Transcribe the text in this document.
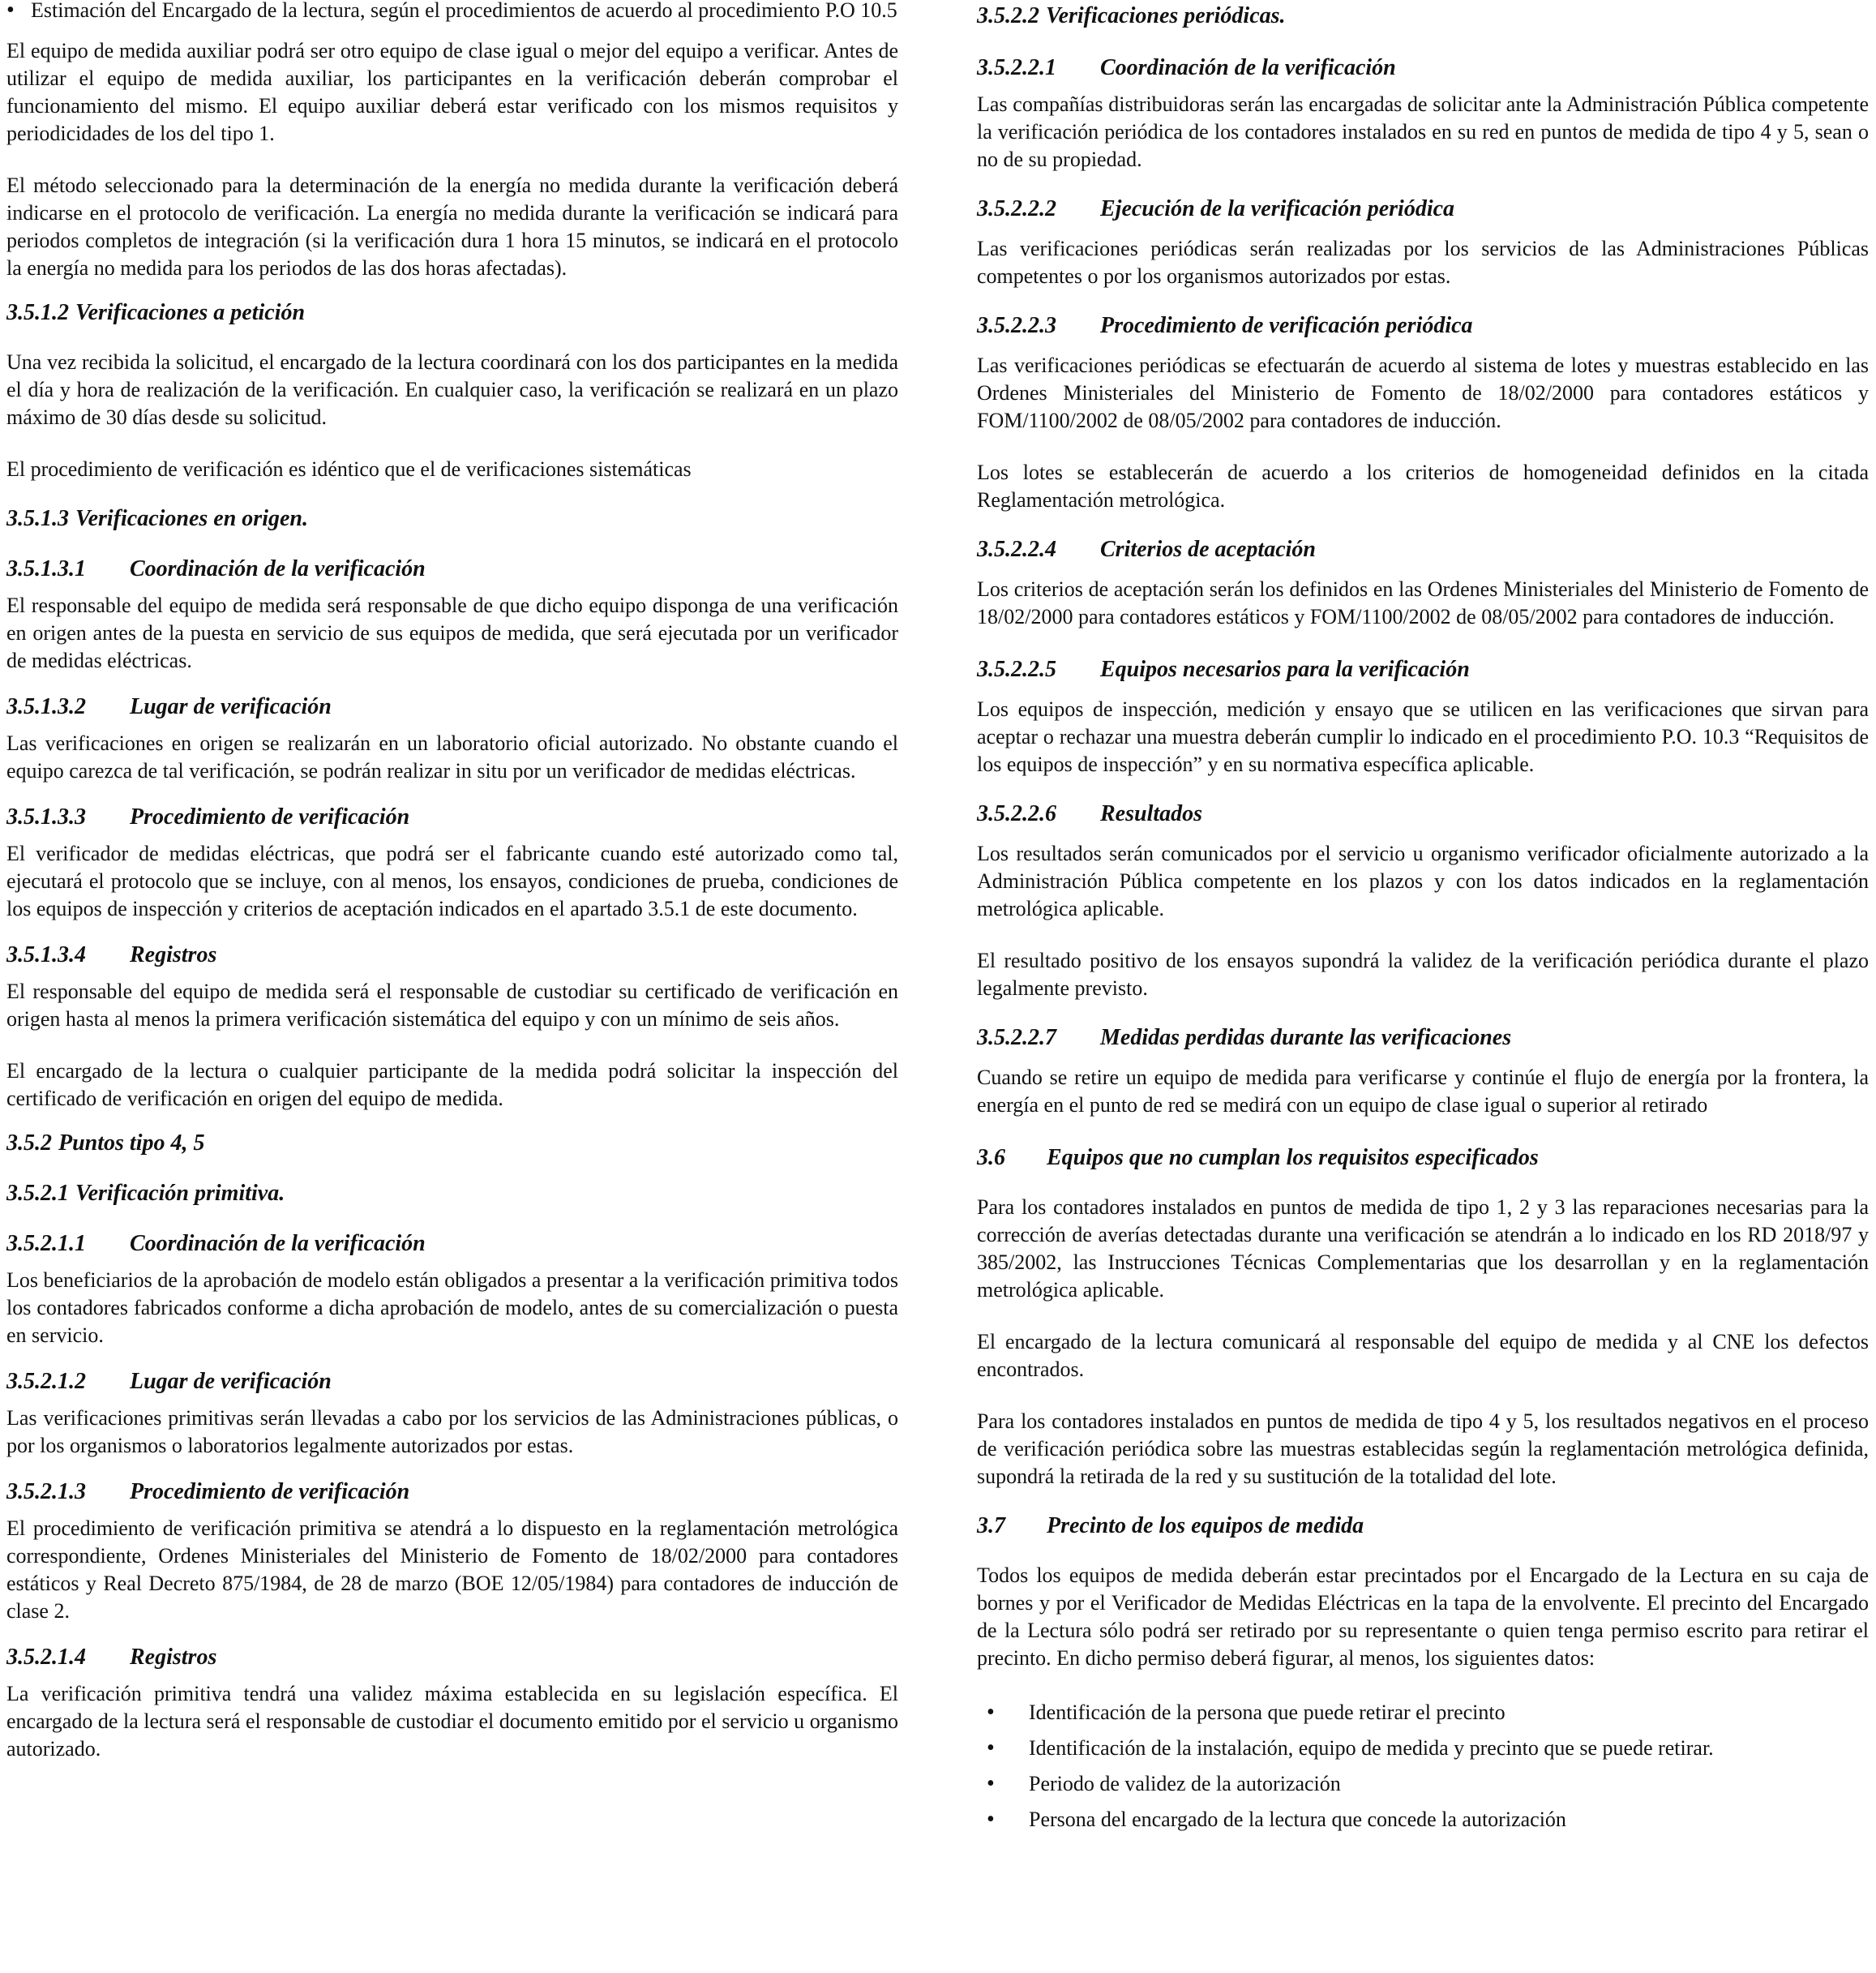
• Estimación del Encargado de la lectura, según el procedimientos de acuerdo al procedimiento P.O 10.5

El equipo de medida auxiliar podrá ser otro equipo de clase igual o mejor del equipo a verificar. Antes de utilizar el equipo de medida auxiliar, los participantes en la verificación deberán comprobar el funcionamiento del mismo. El equipo auxiliar deberá estar verificado con los mismos requisitos y periodicidades de los del tipo 1.

El método seleccionado para la determinación de la energía no medida durante la verificación deberá indicarse en el protocolo de verificación. La energía no medida durante la verificación se indicará para periodos completos de integración (si la verificación dura 1 hora 15 minutos, se indicará en el protocolo la energía no medida para los periodos de las dos horas afectadas).

3.5.1.2 Verificaciones a petición

Una vez recibida la solicitud, el encargado de la lectura coordinará con los dos participantes en la medida el día y hora de realización de la verificación. En cualquier caso, la verificación se realizará en un plazo máximo de 30 días desde su solicitud.

El procedimiento de verificación es idéntico que el de verificaciones sistemáticas

3.5.1.3 Verificaciones en origen.
3.5.1.3.1 Coordinación de la verificación

El responsable del equipo de medida será responsable de que dicho equipo disponga de una verificación en origen antes de la puesta en servicio de sus equipos de medida, que será ejecutada por un verificador de medidas eléctricas.

3.5.1.3.2 Lugar de verificación

Las verificaciones en origen se realizarán en un laboratorio oficial autorizado. No obstante cuando el equipo carezca de tal verificación, se podrán realizar in situ por un verificador de medidas eléctricas.

3.5.1.3.3 Procedimiento de verificación

El verificador de medidas eléctricas, que podrá ser el fabricante cuando esté autorizado como tal, ejecutará el protocolo que se incluye, con al menos, los ensayos, condiciones de prueba, condiciones de los equipos de inspección y criterios de aceptación indicados en el apartado 3.5.1 de este documento.

3.5.1.3.4 Registros

El responsable del equipo de medida será el responsable de custodiar su certificado de verificación en origen hasta al menos la primera verificación sistemática del equipo y con un mínimo de seis años.

El encargado de la lectura o cualquier participante de la medida podrá solicitar la inspección del certificado de verificación en origen del equipo de medida.

3.5.2 Puntos tipo 4, 5
3.5.2.1 Verificación primitiva.
3.5.2.1.1 Coordinación de la verificación

Los beneficiarios de la aprobación de modelo están obligados a presentar a la verificación primitiva todos los contadores fabricados conforme a dicha aprobación de modelo, antes de su comercialización o puesta en servicio.

3.5.2.1.2 Lugar de verificación

Las verificaciones primitivas serán llevadas a cabo por los servicios de las Administraciones públicas, o por los organismos o laboratorios legalmente autorizados por estas.

3.5.2.1.3 Procedimiento de verificación

El procedimiento de verificación primitiva se atendrá a lo dispuesto en la reglamentación metrológica correspondiente, Ordenes Ministeriales del Ministerio de Fomento de 18/02/2000 para contadores estáticos y Real Decreto 875/1984, de 28 de marzo (BOE 12/05/1984) para contadores de inducción de clase 2.

3.5.2.1.4 Registros

La verificación primitiva tendrá una validez máxima establecida en su legislación específica. El encargado de la lectura será el responsable de custodiar el documento emitido por el servicio u organismo autorizado.

3.5.2.2 Verificaciones periódicas.
3.5.2.2.1 Coordinación de la verificación

Las compañías distribuidoras serán las encargadas de solicitar ante la Administración Pública competente la verificación periódica de los contadores instalados en su red en puntos de medida de tipo 4 y 5, sean o no de su propiedad.

3.5.2.2.2 Ejecución de la verificación periódica

Las verificaciones periódicas serán realizadas por los servicios de las Administraciones Públicas competentes o por los organismos autorizados por estas.

3.5.2.2.3 Procedimiento de verificación periódica

Las verificaciones periódicas se efectuarán de acuerdo al sistema de lotes y muestras establecido en las Ordenes Ministeriales del Ministerio de Fomento de 18/02/2000 para contadores estáticos y FOM/1100/2002 de 08/05/2002 para contadores de inducción.

Los lotes se establecerán de acuerdo a los criterios de homogeneidad definidos en la citada Reglamentación metrológica.

3.5.2.2.4 Criterios de aceptación

Los criterios de aceptación serán los definidos en las Ordenes Ministeriales del Ministerio de Fomento de 18/02/2000 para contadores estáticos y FOM/1100/2002 de 08/05/2002 para contadores de inducción.

3.5.2.2.5 Equipos necesarios para la verificación

Los equipos de inspección, medición y ensayo que se utilicen en las verificaciones que sirvan para aceptar o rechazar una muestra deberán cumplir lo indicado en el procedimiento P.O. 10.3 “Requisitos de los equipos de inspección” y en su normativa específica aplicable.

3.5.2.2.6 Resultados

Los resultados serán comunicados por el servicio u organismo verificador oficialmente autorizado a la Administración Pública competente en los plazos y con los datos indicados en la reglamentación metrológica aplicable.

El resultado positivo de los ensayos supondrá la validez de la verificación periódica durante el plazo legalmente previsto.

3.5.2.2.7 Medidas perdidas durante las verificaciones

Cuando se retire un equipo de medida para verificarse y continúe el flujo de energía por la frontera, la energía en el punto de red se medirá con un equipo de clase igual o superior al retirado

3.6 Equipos que no cumplan los requisitos especificados

Para los contadores instalados en puntos de medida de tipo 1, 2 y 3 las reparaciones necesarias para la corrección de averías detectadas durante una verificación se atendrán a lo indicado en los RD 2018/97 y 385/2002, las Instrucciones Técnicas Complementarias que los desarrollan y en la reglamentación metrológica aplicable.

El encargado de la lectura comunicará al responsable del equipo de medida y al CNE los defectos encontrados.

Para los contadores instalados en puntos de medida de tipo 4 y 5, los resultados negativos en el proceso de verificación periódica sobre las muestras establecidas según la reglamentación metrológica definida, supondrá la retirada de la red y su sustitución de la totalidad del lote.

3.7 Precinto de los equipos de medida

Todos los equipos de medida deberán estar precintados por el Encargado de la Lectura en su caja de bornes y por el Verificador de Medidas Eléctricas en la tapa de la envolvente. El precinto del Encargado de la Lectura sólo podrá ser retirado por su representante o quien tenga permiso escrito para retirar el precinto. En dicho permiso deberá figurar, al menos, los siguientes datos:

• Identificación de la persona que puede retirar el precinto
• Identificación de la instalación, equipo de medida y precinto que se puede retirar.
• Periodo de validez de la autorización
• Persona del encargado de la lectura que concede la autorización
